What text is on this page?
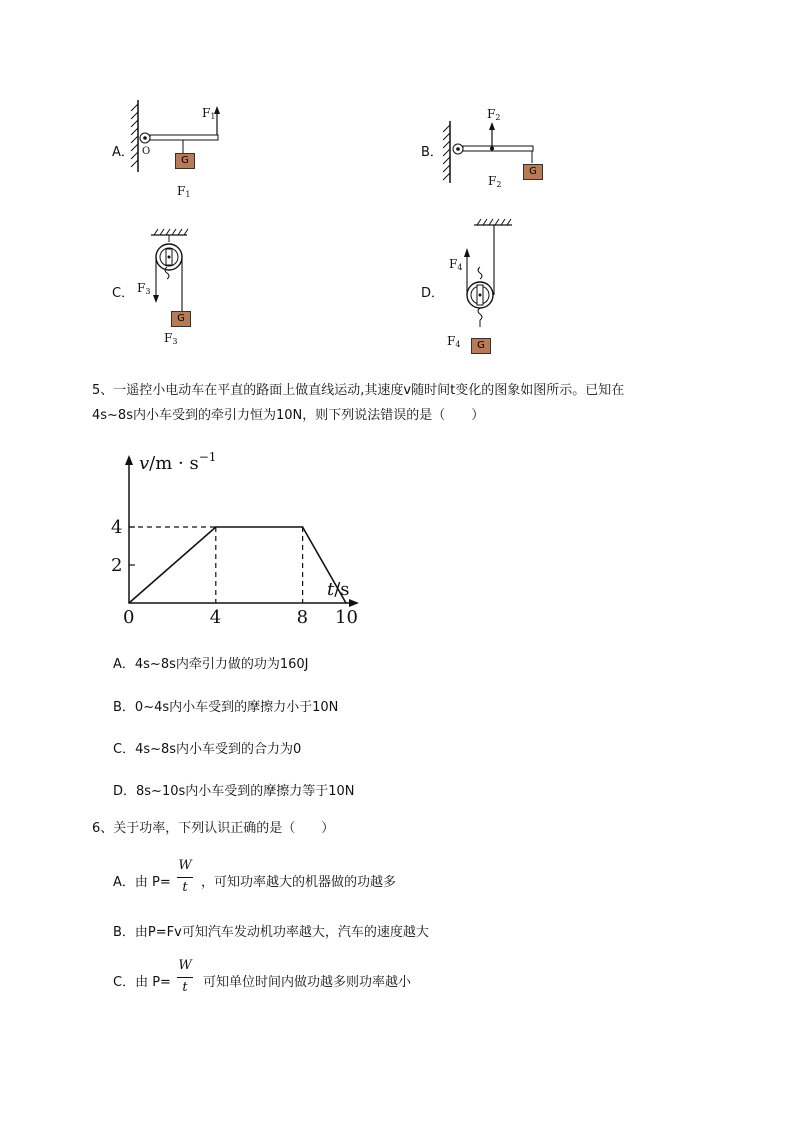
A．
$F_1$
O
G
$F_1$
B．
$F_2$
G
$F_2$
C． $F_3$
G
$F_3$
D．
$F_4$
G
$F_4$
5、一遥控小电动车在平直的路面上做直线运动,其速度v随时间t变化的图象如图所示。已知在
4s~8s内小车受到的牵引力恒为10N，则下列说法错误的是（　　）
2
4
0	4	8 10
$v/m \cdot s^{-1}$
t/s
A．4s~8s内牵引力做的功为160J
B．0~4s内小车受到的摩擦力小于10N
C．4s~8s内小车受到的合力为0
D．8s~10s内小车受到的摩擦力等于10N
6、关于功率，下列认识正确的是（　　）
A．由 P=
W
t	，可知功率越大的机器做的功越多
B．由P=Fv可知汽车发动机功率越大，汽车的速度越大
C．由 P=
W
t	可知单位时间内做功越多则功率越小
